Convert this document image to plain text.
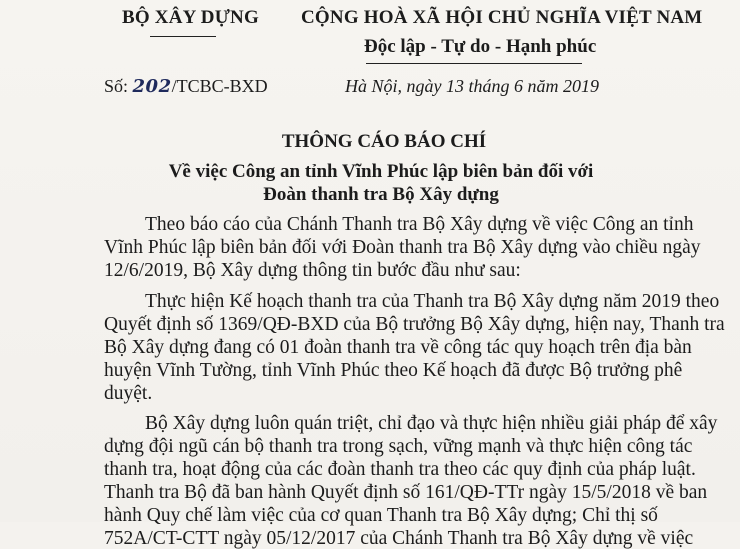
BỘ XÂY DỰNG CỘNG HOÀ XÃ HỘI CHỦ NGHĨA VIỆT NAM
Độc lập - Tự do - Hạnh phúc
Số: 202/TCBC-BXD	Hà Nội, ngày 13 tháng 6 năm 2019
THÔNG CÁO BÁO CHÍ
Về việc Công an tỉnh Vĩnh Phúc lập biên bản đối với
Đoàn thanh tra Bộ Xây dựng
Theo báo cáo của Chánh Thanh tra Bộ Xây dựng về việc Công an tỉnh
Vĩnh Phúc lập biên bản đối với Đoàn thanh tra Bộ Xây dựng vào chiều ngày
12/6/2019, Bộ Xây dựng thông tin bước đầu như sau:
Thực hiện Kế hoạch thanh tra của Thanh tra Bộ Xây dựng năm 2019 theo
Quyết định số 1369/QĐ-BXD của Bộ trưởng Bộ Xây dựng, hiện nay, Thanh tra
Bộ Xây dựng đang có 01 đoàn thanh tra về công tác quy hoạch trên địa bàn
huyện Vĩnh Tường, tỉnh Vĩnh Phúc theo Kế hoạch đã được Bộ trưởng phê
duyệt.
Bộ Xây dựng luôn quán triệt, chỉ đạo và thực hiện nhiều giải pháp để xây
dựng đội ngũ cán bộ thanh tra trong sạch, vững mạnh và thực hiện công tác
thanh tra, hoạt động của các đoàn thanh tra theo các quy định của pháp luật.
Thanh tra Bộ đã ban hành Quyết định số 161/QĐ-TTr ngày 15/5/2018 về ban
hành Quy chế làm việc của cơ quan Thanh tra Bộ Xây dựng; Chỉ thị số
752A/CT-CTT ngày 05/12/2017 của Chánh Thanh tra Bộ Xây dựng về việc
